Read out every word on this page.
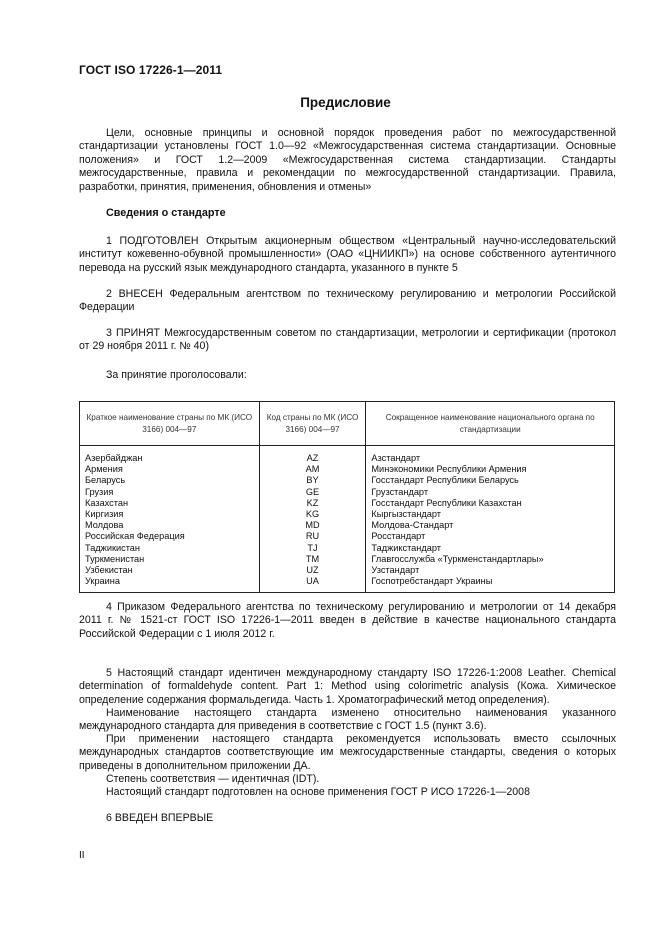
ГОСТ ISO 17226-1—2011
Предисловие

Цели, основные принципы и основной порядок проведения работ по межгосударственной стандартизации установлены ГОСТ 1.0—92 «Межгосударственная система стандартизации. Основные положения» и ГОСТ 1.2—2009 «Межгосударственная система стандартизации. Стандарты межгосударственные, правила и рекомендации по межгосударственной стандартизации. Правила, разработки, принятия, применения, обновления и отмены»

Сведения о стандарте

1 ПОДГОТОВЛЕН Открытым акционерным обществом «Центральный научно-исследовательский институт кожевенно-обувной промышленности» (ОАО «ЦНИИКП») на основе собственного аутентичного перевода на русский язык международного стандарта, указанного в пункте 5

2 ВНЕСЕН Федеральным агентством по техническому регулированию и метрологии Российской Федерации

3 ПРИНЯТ Межгосударственным советом по стандартизации, метрологии и сертификации (протокол от 29 ноября 2011 г. № 40)

За принятие проголосовали:
Краткое наименование страны по МК (ИСО 3166) 004—97	Код страны по МК (ИСО 3166) 004—97	Сокращенное наименование национального органа по стандартизации
Азербайджан	AZ	Азстандарт
Армения	AM	Минэкономики Республики Армения
Беларусь	BY	Госстандарт Республики Беларусь
Грузия	GE	Грузстандарт
Казахстан	KZ	Госстандарт Республики Казахстан
Киргизия	KG	Кыргызстандарт
Молдова	MD	Молдова-Стандарт
Российская Федерация	RU	Росстандарт
Таджикистан	TJ	Таджикстандарт
Туркменистан	TM	Главгосслужба «Туркменстандартлары»
Узбекистан	UZ	Узстандарт
Украина	UA	Госпотребстандарт Украины

4 Приказом Федерального агентства по техническому регулированию и метрологии от 14 декабря 2011 г. № 1521-ст ГОСТ ISO 17226-1—2011 введен в действие в качестве национального стандарта Российской Федерации с 1 июля 2012 г.

5 Настоящий стандарт идентичен международному стандарту ISO 17226-1:2008 Leather. Chemical determination of formaldehyde content. Part 1: Method using colorimetric analysis (Кожа. Химическое определение содержания формальдегида. Часть 1. Хроматографический метод определения).

Наименование настоящего стандарта изменено относительно наименования указанного международного стандарта для приведения в соответствие с ГОСТ 1.5 (пункт 3.6).

При применении настоящего стандарта рекомендуется использовать вместо ссылочных международных стандартов соответствующие им межгосударственные стандарты, сведения о которых приведены в дополнительном приложении ДА.

Степень соответствия — идентичная (IDT).

Настоящий стандарт подготовлен на основе применения ГОСТ Р ИСО 17226-1—2008

6 ВВЕДЕН ВПЕРВЫЕ

II
